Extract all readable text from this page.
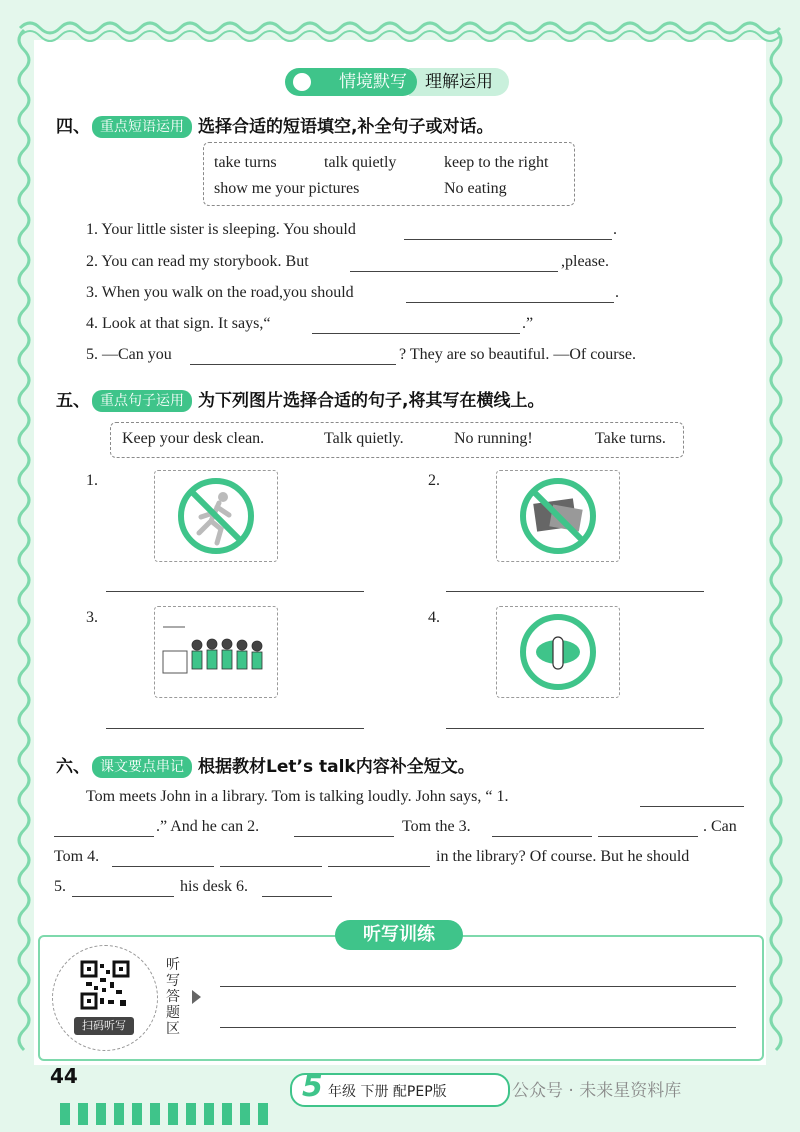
理解运用
情境默写
四、 重点短语运用 选择合适的短语填空,补全句子或对话。
take turns	talk quietly	keep to the right
show me your pictures	No eating
1. Your little sister is sleeping. You should	.
2. You can read my storybook. But	,please.
3. When you walk on the road,you should	.
4. Look at that sign. It says,“	.”
5. —Can you	? They are so beautiful. —Of course.
五、 重点句子运用 为下列图片选择合适的句子,将其写在横线上。
Keep your desk clean.	Talk quietly.	No running!	Take turns.
1.	2.
3.	4.
六、 课文要点串记 根据教材Let’s talk内容补全短文。
Tom meets John in a library. Tom is talking loudly. John says, “ 1.
.” And he can 2.	Tom the 3.	. Can
Tom 4.	in the library? Of course. But he should
5.	his desk 6.
听写训练
扫码听写
听写答题区
44	5 年级 下册 配PEP版	公众号 · 未来星资料库
